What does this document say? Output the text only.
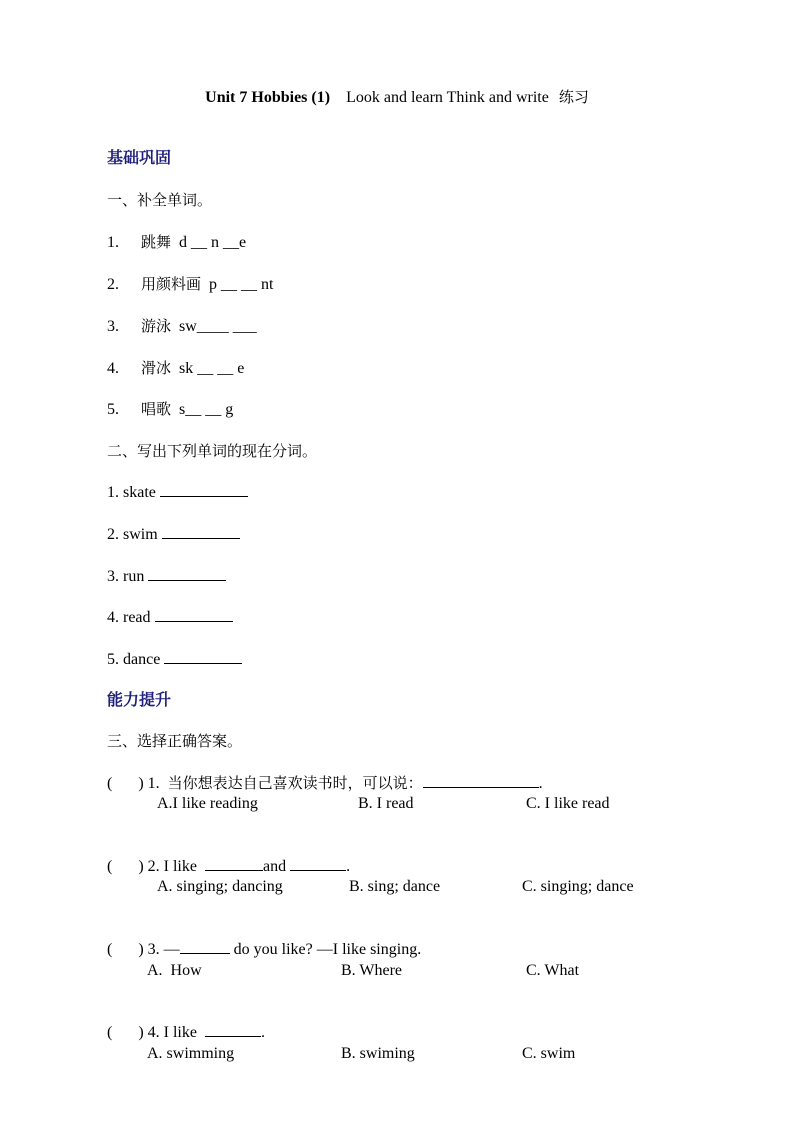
Unit 7 Hobbies (1) Look and learn Think and write 练习

基础巩固

一、补全单词。

1. 跳舞 d __ n __e

2. 用颜料画 p __ __ nt

3. 游泳 sw____ ___

4. 滑冰 sk __ __ e

5. 唱歌 s__ __ g

二、写出下列单词的现在分词。

1. skate

2. swim

3. run

4. read

5. dance

能力提升

三、选择正确答案。

( ) 1. 当你想表达自己喜欢读书时，可以说：	.

A.I like reading	B. I read	C. I like read

( ) 2. I like	and	.

A. singing; dancing	B. sing; dance	C. singing; dance

( ) 3. —	do you like? —I like singing.

A.  How	B. Where	C. What

( ) 4. I like	.

A. swimming	B. swiming	C. swim
